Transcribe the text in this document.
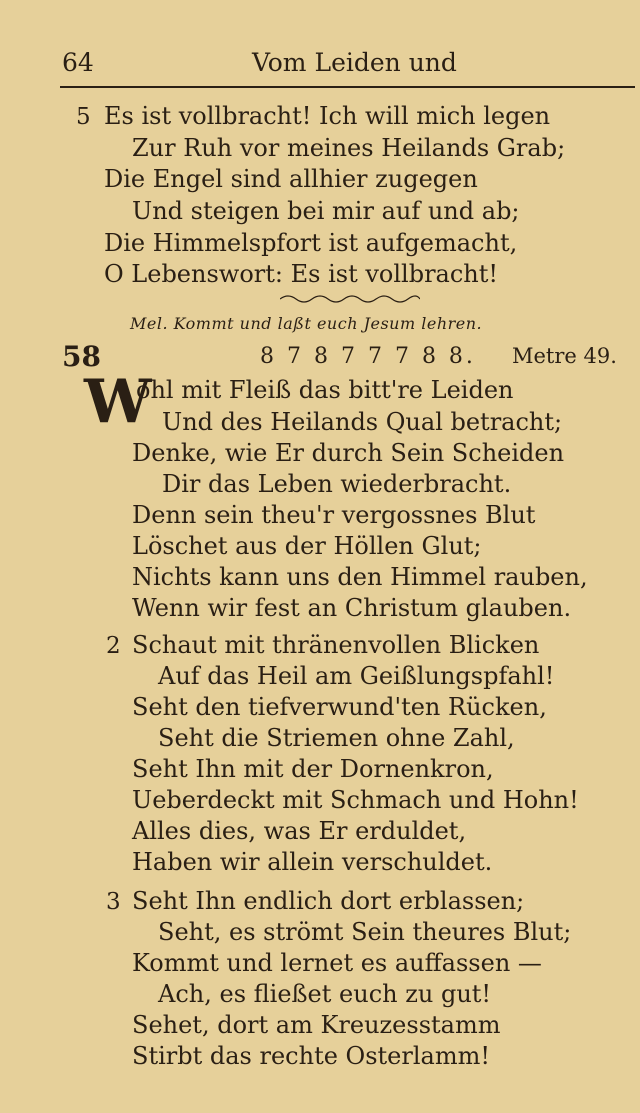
64	Vom Leiden und
5 Es ist vollbracht! Ich will mich legen
Zur Ruh vor meines Heilands Grab;
Die Engel sind allhier zugegen
Und steigen bei mir auf und ab;
Die Himmelspfort ist aufgemacht,
O Lebenswort: Es ist vollbracht!
Mel. Kommt und laßt euch Jesum lehren.
58	8 7 8 7 7 7 8 8. Metre 49.
W
ohl mit Fleiß das bitt're Leiden
Und des Heilands Qual betracht;
Denke, wie Er durch Sein Scheiden
Dir das Leben wiederbracht.
Denn sein theu'r vergossnes Blut
Löschet aus der Höllen Glut;
Nichts kann uns den Himmel rauben,
Wenn wir fest an Christum glauben.
2 Schaut mit thränenvollen Blicken
Auf das Heil am Geißlungspfahl!
Seht den tiefverwund'ten Rücken,
Seht die Striemen ohne Zahl,
Seht Ihn mit der Dornenkron,
Ueberdeckt mit Schmach und Hohn!
Alles dies, was Er erduldet,
Haben wir allein verschuldet.
3 Seht Ihn endlich dort erblassen;
Seht, es strömt Sein theures Blut;
Kommt und lernet es auffassen —
Ach, es fließet euch zu gut!
Sehet, dort am Kreuzesstamm
Stirbt das rechte Osterlamm!
